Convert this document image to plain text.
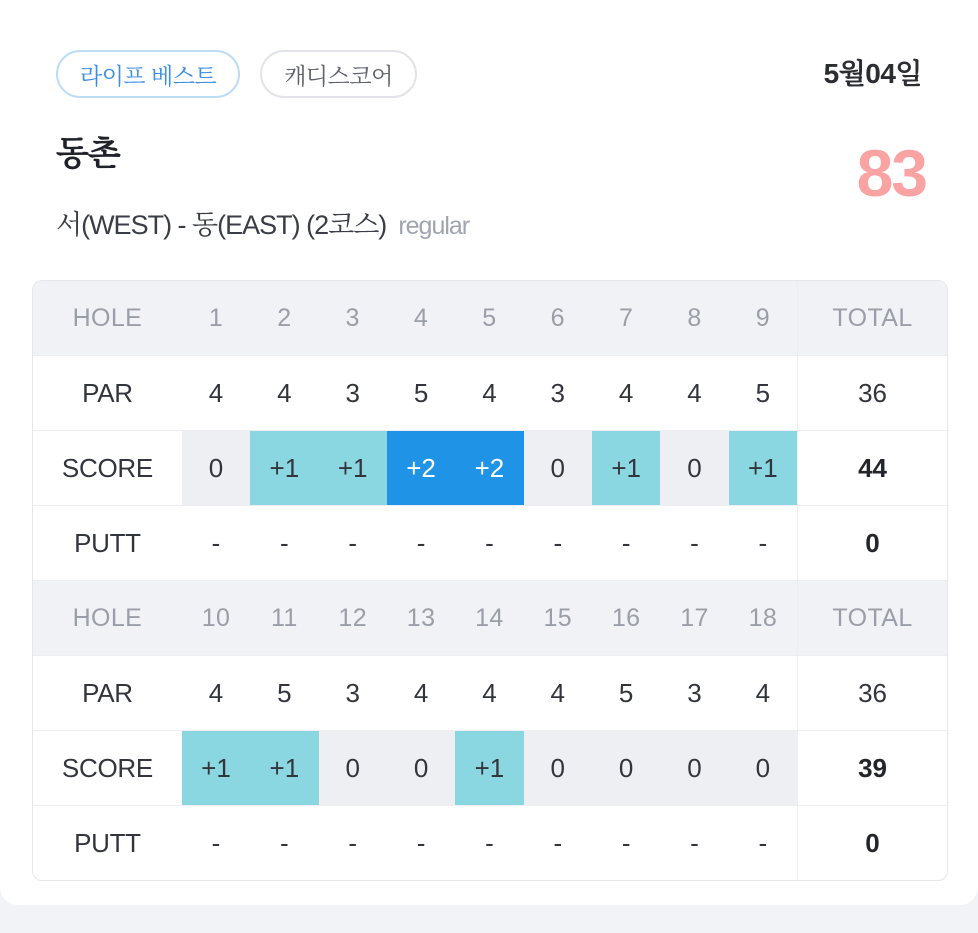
라이프 베스트	캐디스코어	5월04일
동촌
서(WEST) - 동(EAST) (2코스) regular
83
HOLE	1	2	3	4	5	6	7	8	9	TOTAL
PAR	4	4	3	5	4	3	4	4	5	36
SCORE	0	+1	+1	+2	+2	0	+1	0	+1	44
PUTT	-	-	-	-	-	-	-	-	-	0
HOLE	10	11	12	13	14	15	16	17	18	TOTAL
PAR	4	5	3	4	4	4	5	3	4	36
SCORE	+1	+1	0	0	+1	0	0	0	0	39
PUTT	-	-	-	-	-	-	-	-	-	0
